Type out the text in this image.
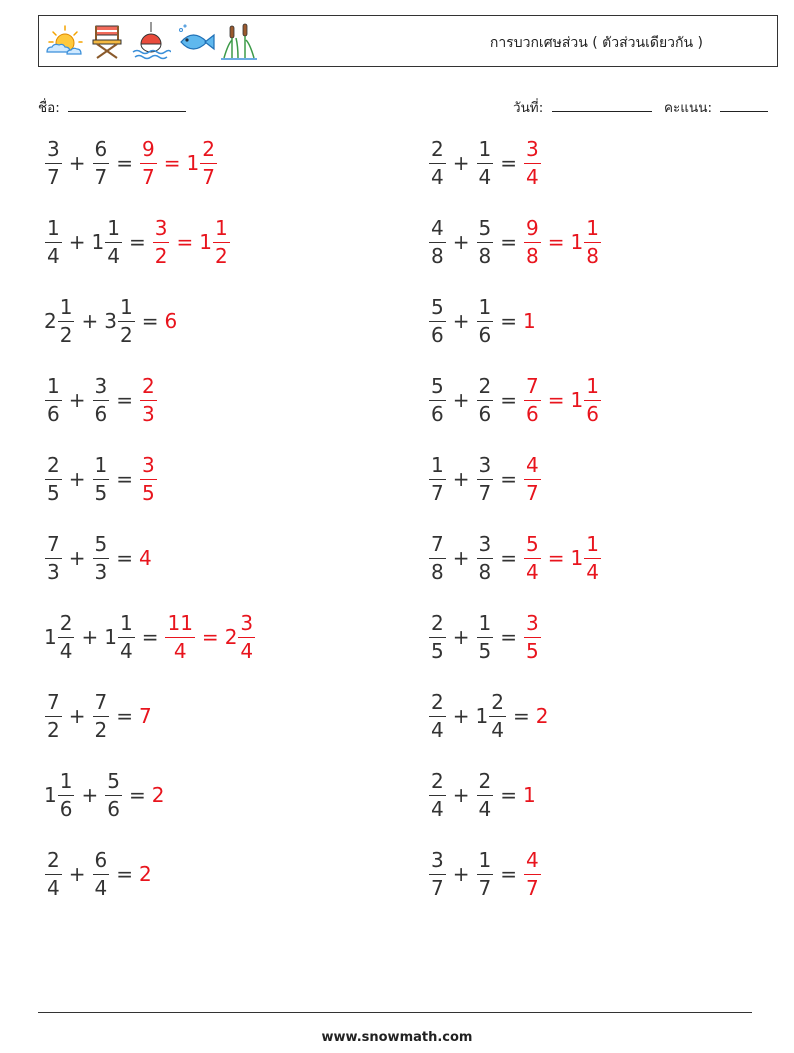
การบวกเศษส่วน ( ตัวส่วนเดียวกัน )
ชื่อ:	วันที่:	คะแนน:
$\frac{3}{7} + \frac{6}{7} = \frac{9}{7} = 1 \frac{2}{7}$	$\frac{2}{4} + \frac{1}{4} = \frac{3}{4}$
$\frac{1}{4} + 1 \frac{1}{4} = \frac{3}{2} = 1 \frac{1}{2}$	$\frac{4}{8} + \frac{5}{8} = \frac{9}{8} = 1 \frac{1}{8}$
$2 \frac{1}{2} + 3 \frac{1}{2} = 6$	$\frac{5}{6} + \frac{1}{6} = 1$
$\frac{1}{6} + \frac{3}{6} = \frac{2}{3}$	$\frac{5}{6} + \frac{2}{6} = \frac{7}{6} = 1 \frac{1}{6}$
$\frac{2}{5} + \frac{1}{5} = \frac{3}{5}$	$\frac{1}{7} + \frac{3}{7} = \frac{4}{7}$
$\frac{7}{3} + \frac{5}{3} = 4$	$\frac{7}{8} + \frac{3}{8} = \frac{5}{4} = 1 \frac{1}{4}$
$1 \frac{2}{4} + 1 \frac{1}{4} = \frac{11}{4} = 2 \frac{3}{4}$	$\frac{2}{5} + \frac{1}{5} = \frac{3}{5}$
$\frac{7}{2} + \frac{7}{2} = 7$	$\frac{2}{4} + 1 \frac{2}{4} = 2$
$1 \frac{1}{6} + \frac{5}{6} = 2$	$\frac{2}{4} + \frac{2}{4} = 1$
$\frac{2}{4} + \frac{6}{4} = 2$	$\frac{3}{7} + \frac{1}{7} = \frac{4}{7}$
www.snowmath.com
